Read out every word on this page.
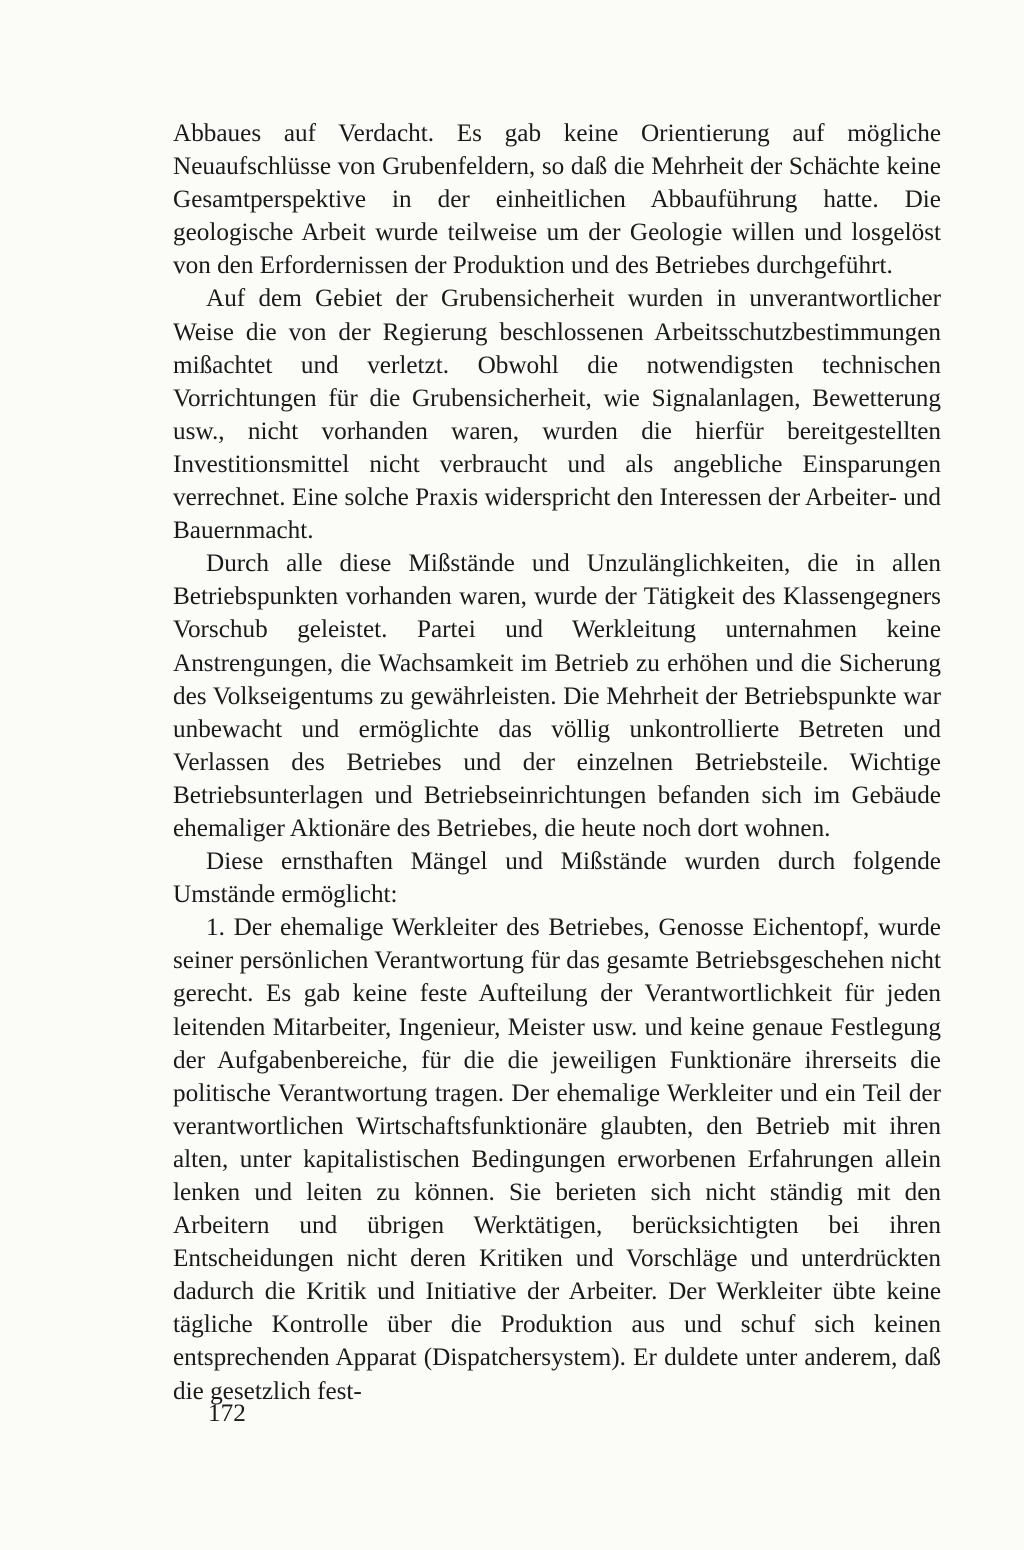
Abbaues auf Verdacht. Es gab keine Orientierung auf mögliche Neuaufschlüsse von Grubenfeldern, so daß die Mehrheit der Schächte keine Gesamtperspektive in der einheitlichen Abbauführung hatte. Die geologische Arbeit wurde teilweise um der Geologie willen und losgelöst von den Erfordernissen der Produktion und des Betriebes durchgeführt.

Auf dem Gebiet der Grubensicherheit wurden in unverantwortlicher Weise die von der Regierung beschlossenen Arbeitsschutzbestimmungen mißachtet und verletzt. Obwohl die notwendigsten technischen Vorrichtungen für die Grubensicherheit, wie Signalanlagen, Bewetterung usw., nicht vorhanden waren, wurden die hierfür bereitgestellten Investitionsmittel nicht verbraucht und als angebliche Einsparungen verrechnet. Eine solche Praxis widerspricht den Interessen der Arbeiter- und Bauernmacht.

Durch alle diese Mißstände und Unzulänglichkeiten, die in allen Betriebspunkten vorhanden waren, wurde der Tätigkeit des Klassengegners Vorschub geleistet. Partei und Werkleitung unternahmen keine Anstrengungen, die Wachsamkeit im Betrieb zu erhöhen und die Sicherung des Volkseigentums zu gewährleisten. Die Mehrheit der Betriebspunkte war unbewacht und ermöglichte das völlig unkontrollierte Betreten und Verlassen des Betriebes und der einzelnen Betriebsteile. Wichtige Betriebsunterlagen und Betriebseinrichtungen befanden sich im Gebäude ehemaliger Aktionäre des Betriebes, die heute noch dort wohnen.

Diese ernsthaften Mängel und Mißstände wurden durch folgende Umstände ermöglicht:

1. Der ehemalige Werkleiter des Betriebes, Genosse Eichentopf, wurde seiner persönlichen Verantwortung für das gesamte Betriebsgeschehen nicht gerecht. Es gab keine feste Aufteilung der Verantwortlichkeit für jeden leitenden Mitarbeiter, Ingenieur, Meister usw. und keine genaue Festlegung der Aufgabenbereiche, für die die jeweiligen Funktionäre ihrerseits die politische Verantwortung tragen. Der ehemalige Werkleiter und ein Teil der verantwortlichen Wirtschaftsfunktionäre glaubten, den Betrieb mit ihren alten, unter kapitalistischen Bedingungen erworbenen Erfahrungen allein lenken und leiten zu können. Sie berieten sich nicht ständig mit den Arbeitern und übrigen Werktätigen, berücksichtigten bei ihren Entscheidungen nicht deren Kritiken und Vorschläge und unterdrückten dadurch die Kritik und Initiative der Arbeiter. Der Werkleiter übte keine tägliche Kontrolle über die Produktion aus und schuf sich keinen entsprechenden Apparat (Dispatchersystem). Er duldete unter anderem, daß die gesetzlich fest-

172
